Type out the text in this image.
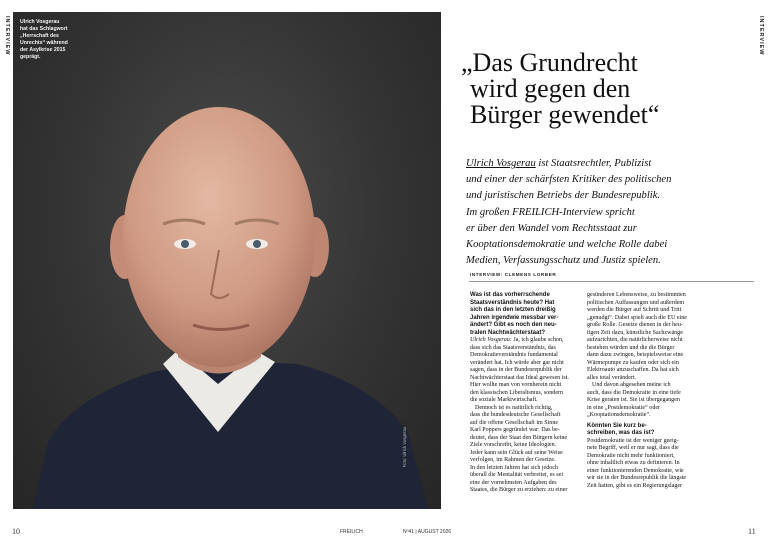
INTERVIEW	INTERVIEW
Ulrich Vosgerau
hat das Schlagwort
„Herrschaft des
Unrechts“ während
der Asylkrise 2015
geprägt.
Foto: Ulrich Vosgerau
„Das Grundrecht
wird gegen den
Bürger gewendet“
Ulrich Vosgerau ist Staatsrechtler, Publizist
und einer der schärfsten Kritiker des politischen
und juristischen Betriebs der Bundesrepublik.
Im großen FREILICH-Interview spricht
er über den Wandel vom Rechtsstaat zur
Kooptationsdemokratie und welche Rolle dabei
Medien, Verfassungsschutz und Justiz spielen.
INTERVIEW: CLEMENS LORBER
Was ist das vorherrschende
Staatsverständnis heute? Hat
sich das in den letzten dreißig
Jahren irgendwie messbar ver-
ändert? Gibt es noch den neu-
tralen Nachtwächterstaat?
Ulrich Vosgerau: Ja, ich glaube schon,
dass sich das Staatsverständnis, das
Demokratieverständnis fundamental
verändert hat. Ich würde aber gar nicht
sagen, dass in der Bundesrepublik der
Nachtwächterstaat das Ideal gewesen ist.
Hier wollte man von vornherein nicht
den klassischen Liberalismus, sondern
die soziale Marktwirtschaft.
Dennoch ist es natürlich richtig,
dass die bundesdeutsche Gesellschaft
auf die offene Gesellschaft im Sinne
Karl Poppers gegründet war: Das be-
deutet, dass der Staat den Bürgern keine
Ziele vorschreibt, keine Ideologien.
Jeder kann sein Glück auf seine Weise
verfolgen, im Rahmen der Gesetze.
In den letzten Jahren hat sich jedoch
überall die Mentalität verbreitet, es sei
eine der vornehmsten Aufgaben des
Staates, die Bürger zu erziehen: zu einer
gesünderen Lebensweise, zu bestimmten
politischen Auffassungen und außerdem
werden die Bürger auf Schritt und Tritt
„genudgt“. Dabei spielt auch die EU eine
große Rolle. Gesetze dienen in der heu-
tigen Zeit dazu, künstliche Sachzwänge
aufzurichten, die natürlicherweise nicht
bestehen würden und die die Bürger
dann dazu zwingen, beispielsweise eine
Wärmepumpe zu kaufen oder sich ein
Elektroauto anzuschaffen. Da hat sich
alles total verändert.
Und davon abgesehen meine ich
auch, dass die Demokratie in eine tiefe
Krise geraten ist. Sie ist übergegangen
in eine „Postdemokratie“ oder
„Kooptationsdemokratie“.
Könnten Sie kurz be-
schreiben, was das ist?
Postdemokratie ist der weniger geeig-
nete Begriff, weil er nur sagt, dass die
Demokratie nicht mehr funktioniert,
ohne inhaltlich etwas zu definieren. In
einer funktionierenden Demokratie, wie
wir sie in der Bundesrepublik die längste
Zeit hatten, gibt es ein Regierungslager
10	FREILICH	Nº41 | AUGUST 2026	11
